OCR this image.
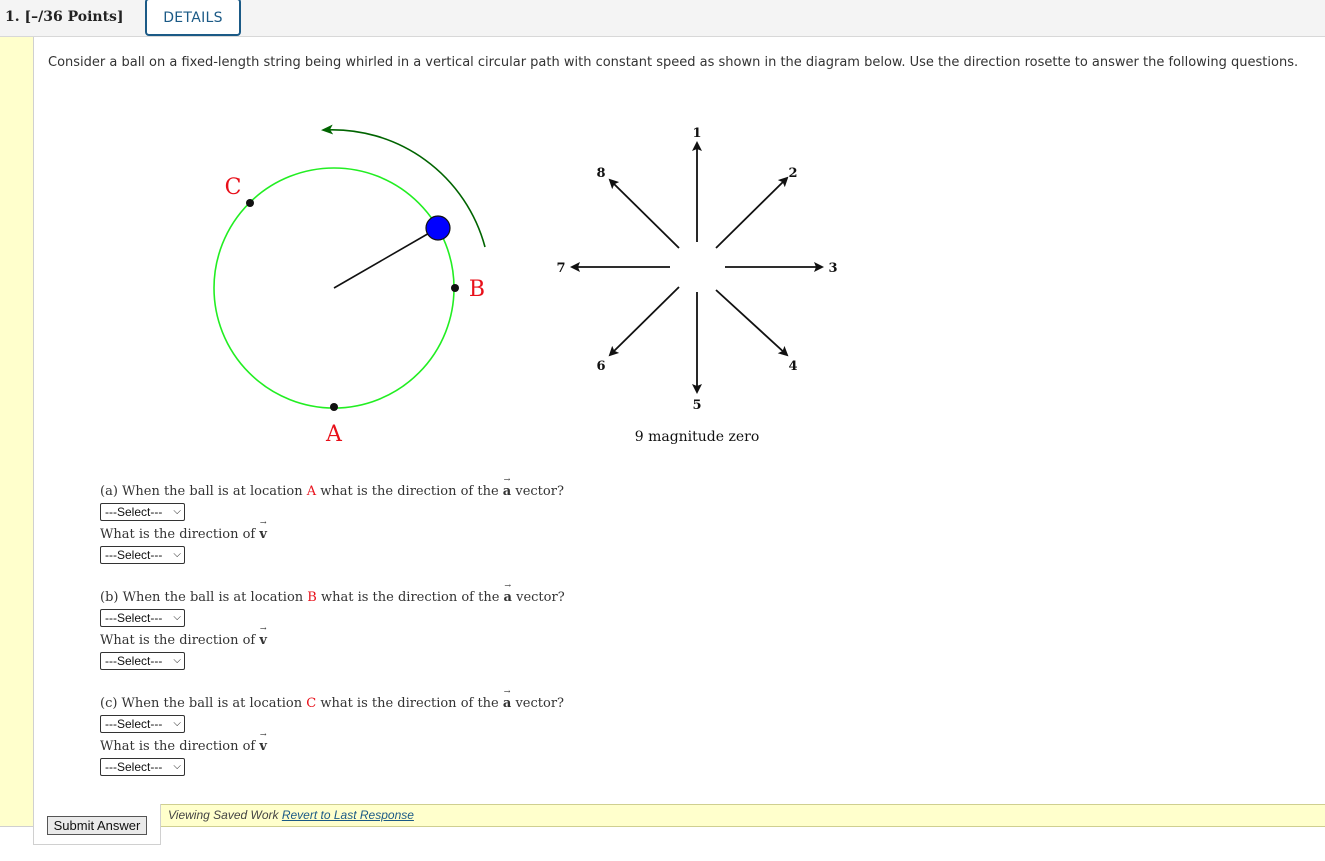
1. [–/36 Points]	DETAILS
Consider a ball on a fixed-length string being whirled in a vertical circular path with constant speed as shown in the diagram below. Use the direction rosette to answer the following questions.
A
B
C
1
2
3
4
5
6
7
8
9 magnitude zero
(a) When the ball is at location A what is the direction of the → a vector?
---Select--- ⌵
What is the direction of → v
---Select--- ⌵
(b) When the ball is at location B what is the direction of the → a vector?
---Select--- ⌵
What is the direction of → v
---Select--- ⌵
(c) When the ball is at location C what is the direction of the → a vector?
---Select--- ⌵
What is the direction of → v
---Select--- ⌵
Viewing Saved Work Revert to Last Response
Submit Answer
